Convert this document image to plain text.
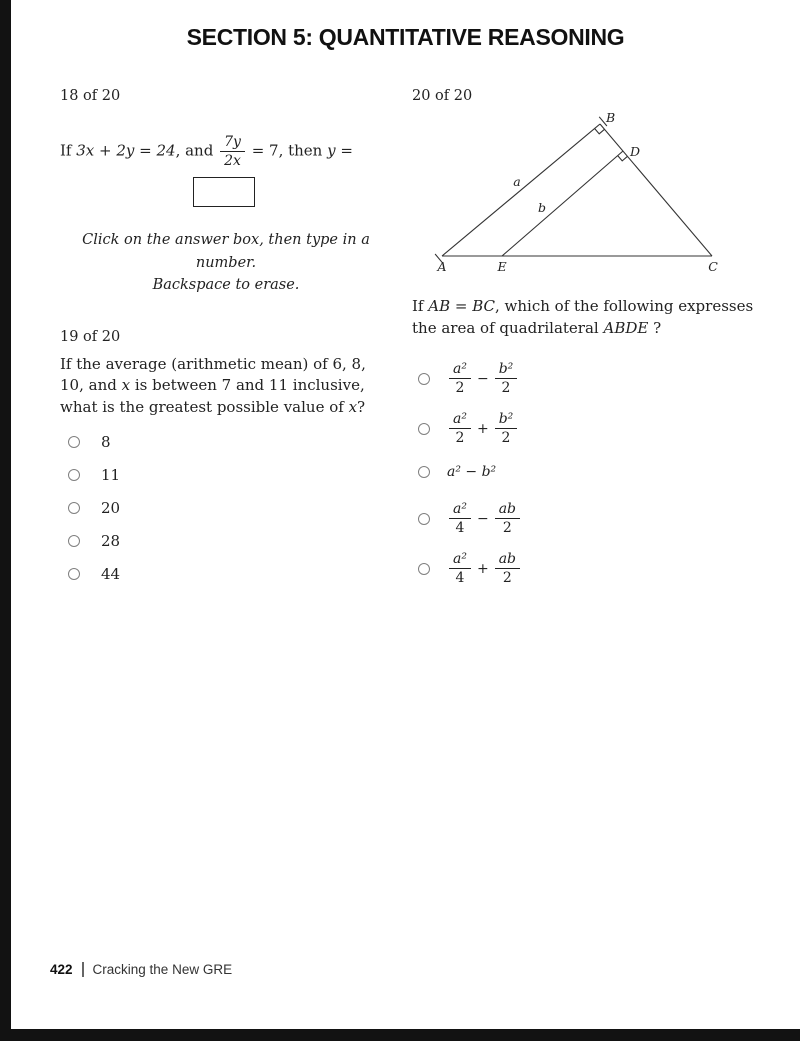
SECTION 5: QUANTITATIVE REASONING
18 of 20
If 3x + 2y = 24, and $\frac{7y}{2x} = 7$, then y =
Click on the answer box, then type in a number.
Backspace to erase.
19 of 20

If the average (arithmetic mean) of 6, 8, 10, and x is between 7 and 11 inclusive, what is the greatest possible value of x?

8
11
20
28
44
20 of 20
A	E	C
B
D
a
b

If AB = BC, which of the following expresses the area of quadrilateral ABDE ?

$\frac{\text{a²}}{2} - \frac{\text{b²}}{2}$
$\frac{\text{a²}}{2} + \frac{\text{b²}}{2}$
a² − b²
$\frac{\text{a²}}{4} - \frac{ab}{2}$
$\frac{\text{a²}}{4} + \frac{ab}{2}$
422 Cracking the New GRE
